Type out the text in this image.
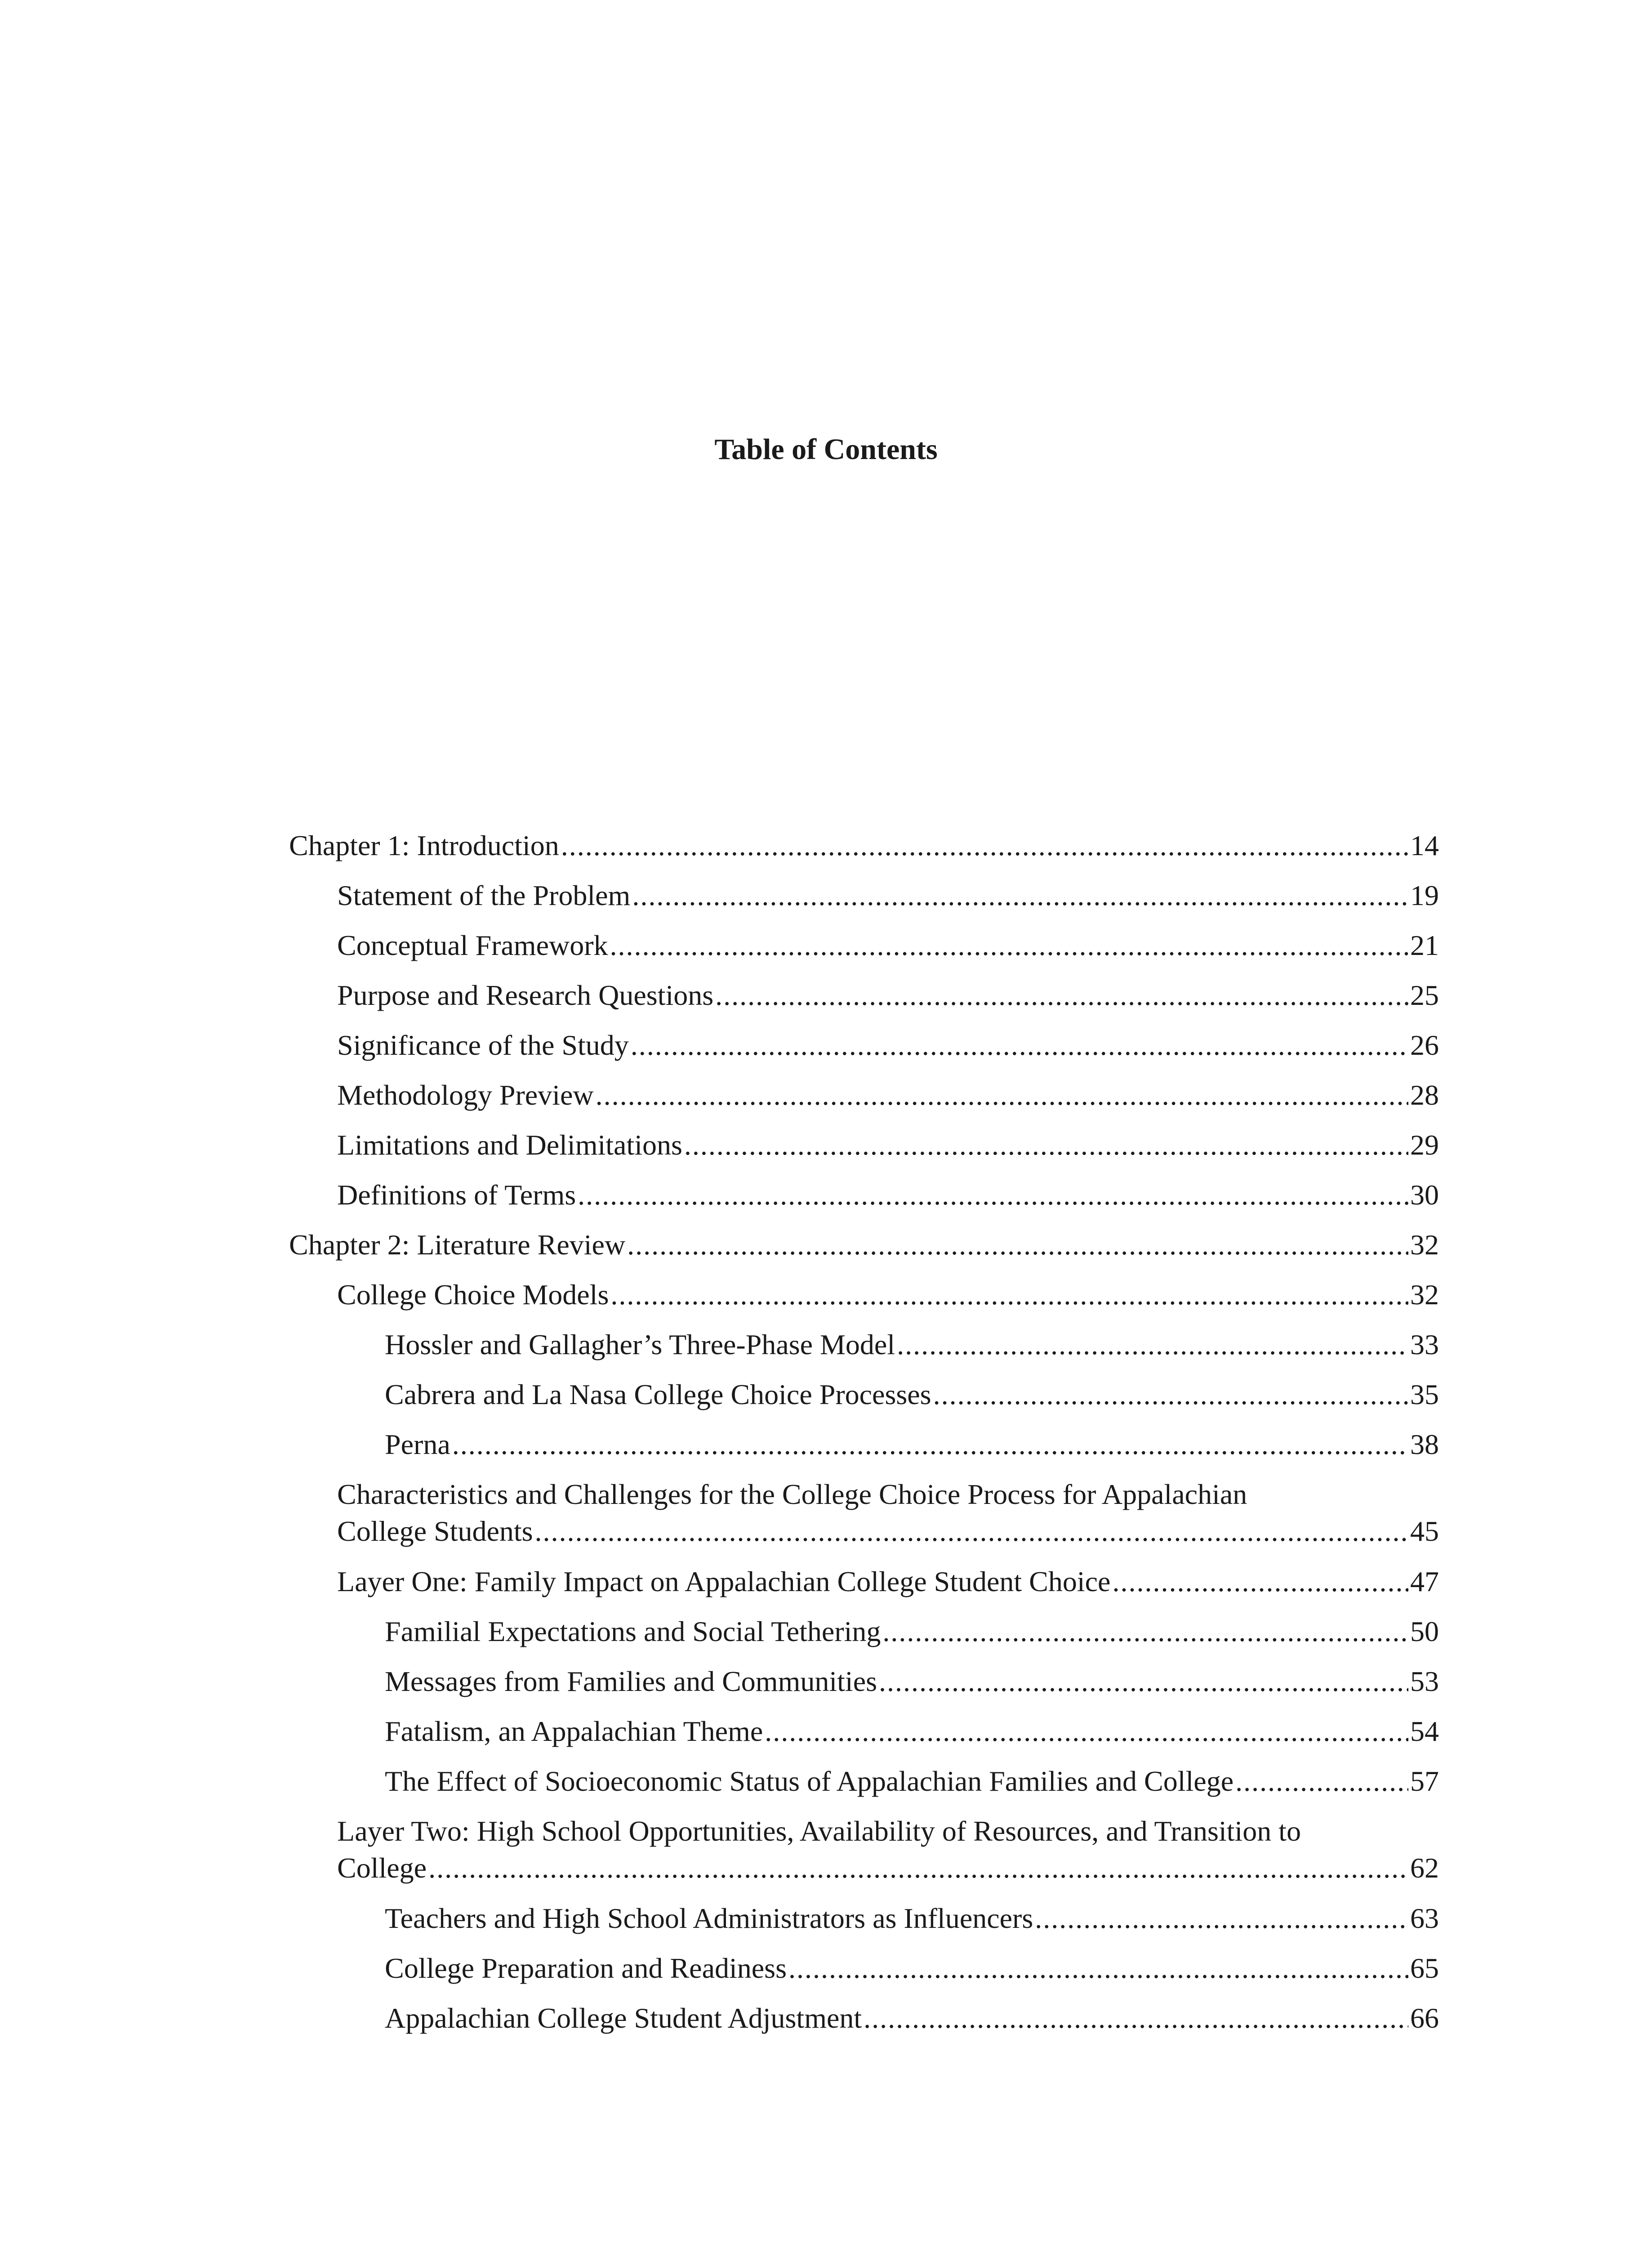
Table of Contents
Chapter 1: Introduction .....	14
Statement of the Problem .....	19
Conceptual Framework .....	21
Purpose and Research Questions .....	25
Significance of the Study .....	26
Methodology Preview .....	28
Limitations and Delimitations .....	29
Definitions of Terms .....	30
Chapter 2: Literature Review .....	32
College Choice Models .....	32
Hossler and Gallagher’s Three-Phase Model .....	33
Cabrera and La Nasa College Choice Processes .....	35
Perna .....	38
Characteristics and Challenges for the College Choice Process for Appalachian
College Students .....	45
Layer One: Family Impact on Appalachian College Student Choice .....	47
Familial Expectations and Social Tethering .....	50
Messages from Families and Communities .....	53
Fatalism, an Appalachian Theme .....	54
The Effect of Socioeconomic Status of Appalachian Families and College .....	57
Layer Two: High School Opportunities, Availability of Resources, and Transition to
College .....	62
Teachers and High School Administrators as Influencers .....	63
College Preparation and Readiness .....	65
Appalachian College Student Adjustment .....	66
